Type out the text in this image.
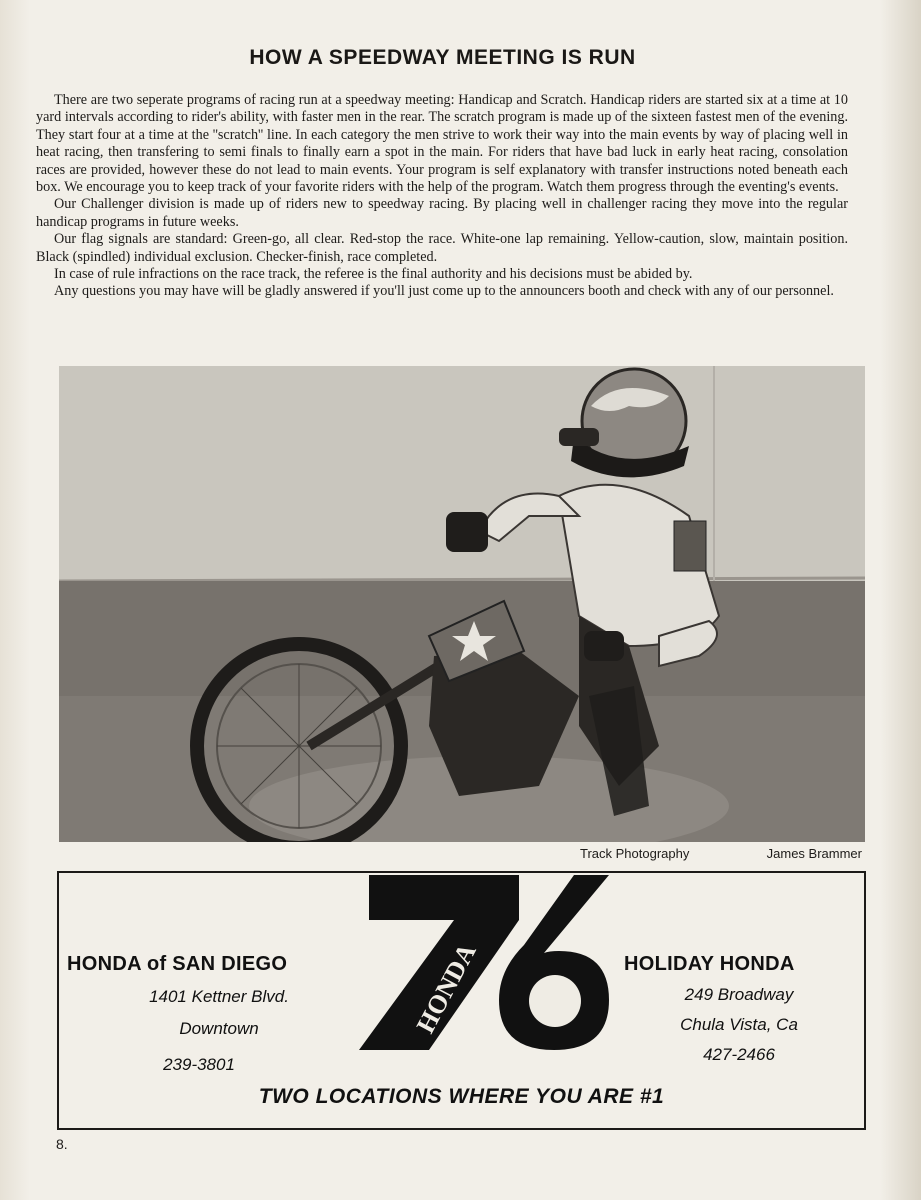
HOW A SPEEDWAY MEETING IS RUN

There are two seperate programs of racing run at a speedway meeting: Handicap and Scratch. Handicap riders are started six at a time at 10 yard intervals according to rider's ability, with faster men in the rear. The scratch program is made up of the sixteen fastest men of the evening. They start four at a time at the ''scratch'' line. In each category the men strive to work their way into the main events by way of placing well in heat racing, then transfering to semi finals to finally earn a spot in the main. For riders that have bad luck in early heat racing, consolation races are provided, however these do not lead to main events. Your program is self explanatory with transfer instructions noted beneath each box. We encourage you to keep track of your favorite riders with the help of the program. Watch them progress through the eventing's events.

Our Challenger division is made up of riders new to speedway racing. By placing well in challenger racing they move into the regular handicap programs in future weeks.

Our flag signals are standard: Green-go, all clear. Red-stop the race. White-one lap remaining. Yellow-caution, slow, maintain position. Black (spindled) individual exclusion. Checker-finish, race completed.

In case of rule infractions on the race track, the referee is the final authority and his decisions must be abided by.

Any questions you may have will be gladly answered if you'll just come up to the announcers booth and check with any of our personnel.

Track Photography	James Brammer
HONDA of SAN DIEGO
1401 Kettner Blvd.
Downtown
239-3801
HONDA	HOLIDAY HONDA
249 Broadway
Chula Vista, Ca
427-2466
TWO LOCATIONS WHERE YOU ARE #1
8.
